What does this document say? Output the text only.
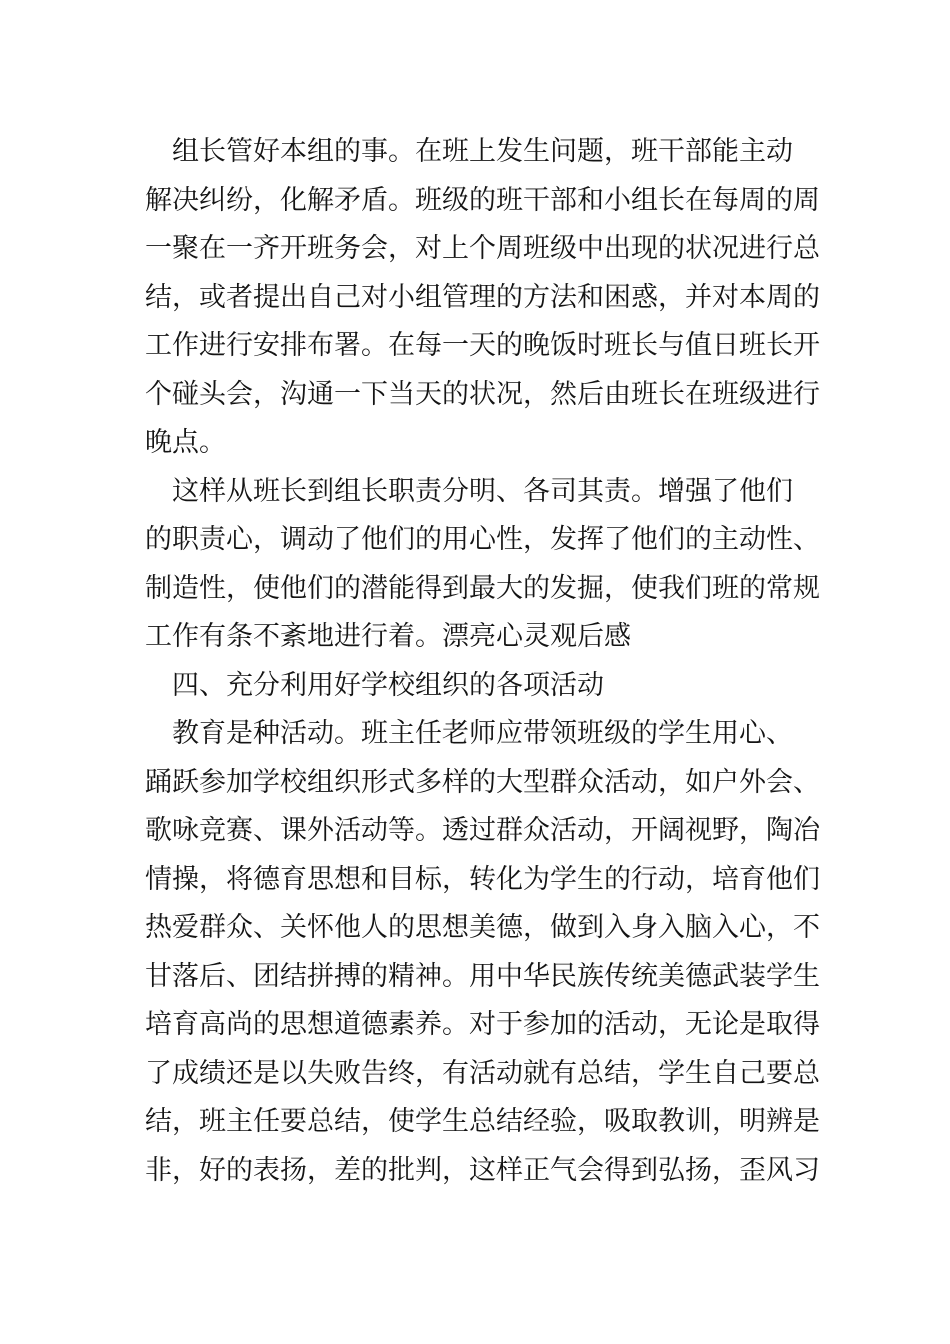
　组长管好本组的事。在班上发生问题，班干部能主动
解决纠纷，化解矛盾。班级的班干部和小组长在每周的周
一聚在一齐开班务会，对上个周班级中出现的状况进行总
结，或者提出自己对小组管理的方法和困惑，并对本周的
工作进行安排布署。在每一天的晚饭时班长与值日班长开
个碰头会，沟通一下当天的状况，然后由班长在班级进行
晚点。
　这样从班长到组长职责分明、各司其责。增强了他们
的职责心，调动了他们的用心性，发挥了他们的主动性、
制造性，使他们的潜能得到最大的发掘，使我们班的常规
工作有条不紊地进行着。漂亮心灵观后感
　四、充分利用好学校组织的各项活动
　教育是种活动。班主任老师应带领班级的学生用心、
踊跃参加学校组织形式多样的大型群众活动，如户外会、
歌咏竞赛、课外活动等。透过群众活动，开阔视野，陶冶
情操，将德育思想和目标，转化为学生的行动，培育他们
热爱群众、关怀他人的思想美德，做到入身入脑入心，不
甘落后、团结拼搏的精神。用中华民族传统美德武装学生
培育高尚的思想道德素养。对于参加的活动，无论是取得
了成绩还是以失败告终，有活动就有总结，学生自己要总
结，班主任要总结，使学生总结经验，吸取教训，明辨是
非，好的表扬，差的批判，这样正气会得到弘扬，歪风习
